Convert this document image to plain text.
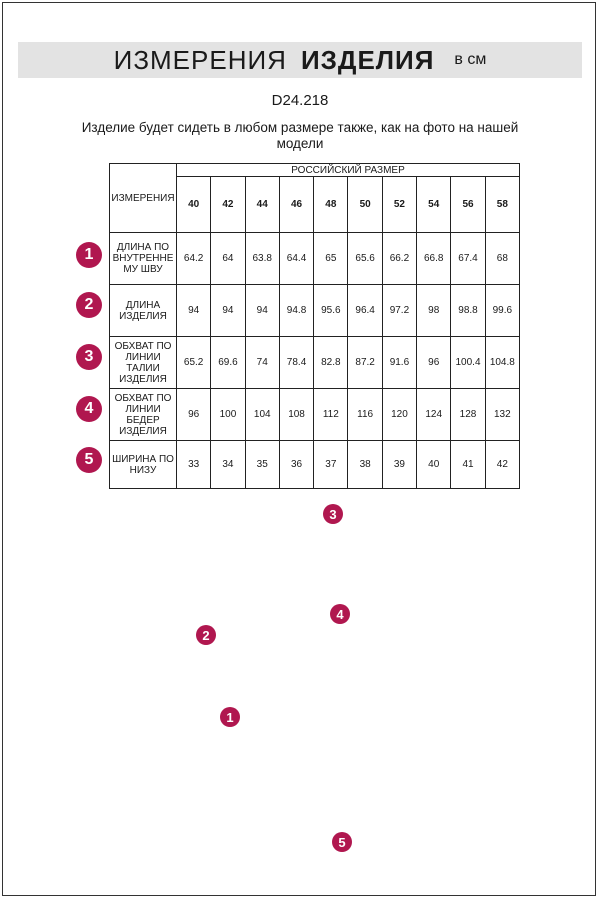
ИЗМЕРЕНИЯ ИЗДЕЛИЯ в см
D24.218
Изделие будет сидеть в любом размере также, как на фото на нашей модели
ИЗМЕРЕНИЯ	РОССИЙСКИЙ РАЗМЕР									
	40	42	44	46	48	50	52	54	56	58

ДЛИНА ПО
ВНУТРЕННЕ
МУ ШВУ	64.2	64	63.8	64.4	65	65.6	66.2	66.8	67.4	68

ДЛИНА
ИЗДЕЛИЯ	94	94	94	94.8	95.6	96.4	97.2	98	98.8	99.6

ОБХВАТ ПО
ЛИНИИ
ТАЛИИ
ИЗДЕЛИЯ	65.2	69.6	74	78.4	82.8	87.2	91.6	96	100.4	104.8

ОБХВАТ ПО
ЛИНИИ
БЕДЕР
ИЗДЕЛИЯ	96	100	104	108	112	116	120	124	128	132

ШИРИНА ПО
НИЗУ	33	34	35	36	37	38	39	40	41	42
1
2
3
4
5
1
2
3
4
5
